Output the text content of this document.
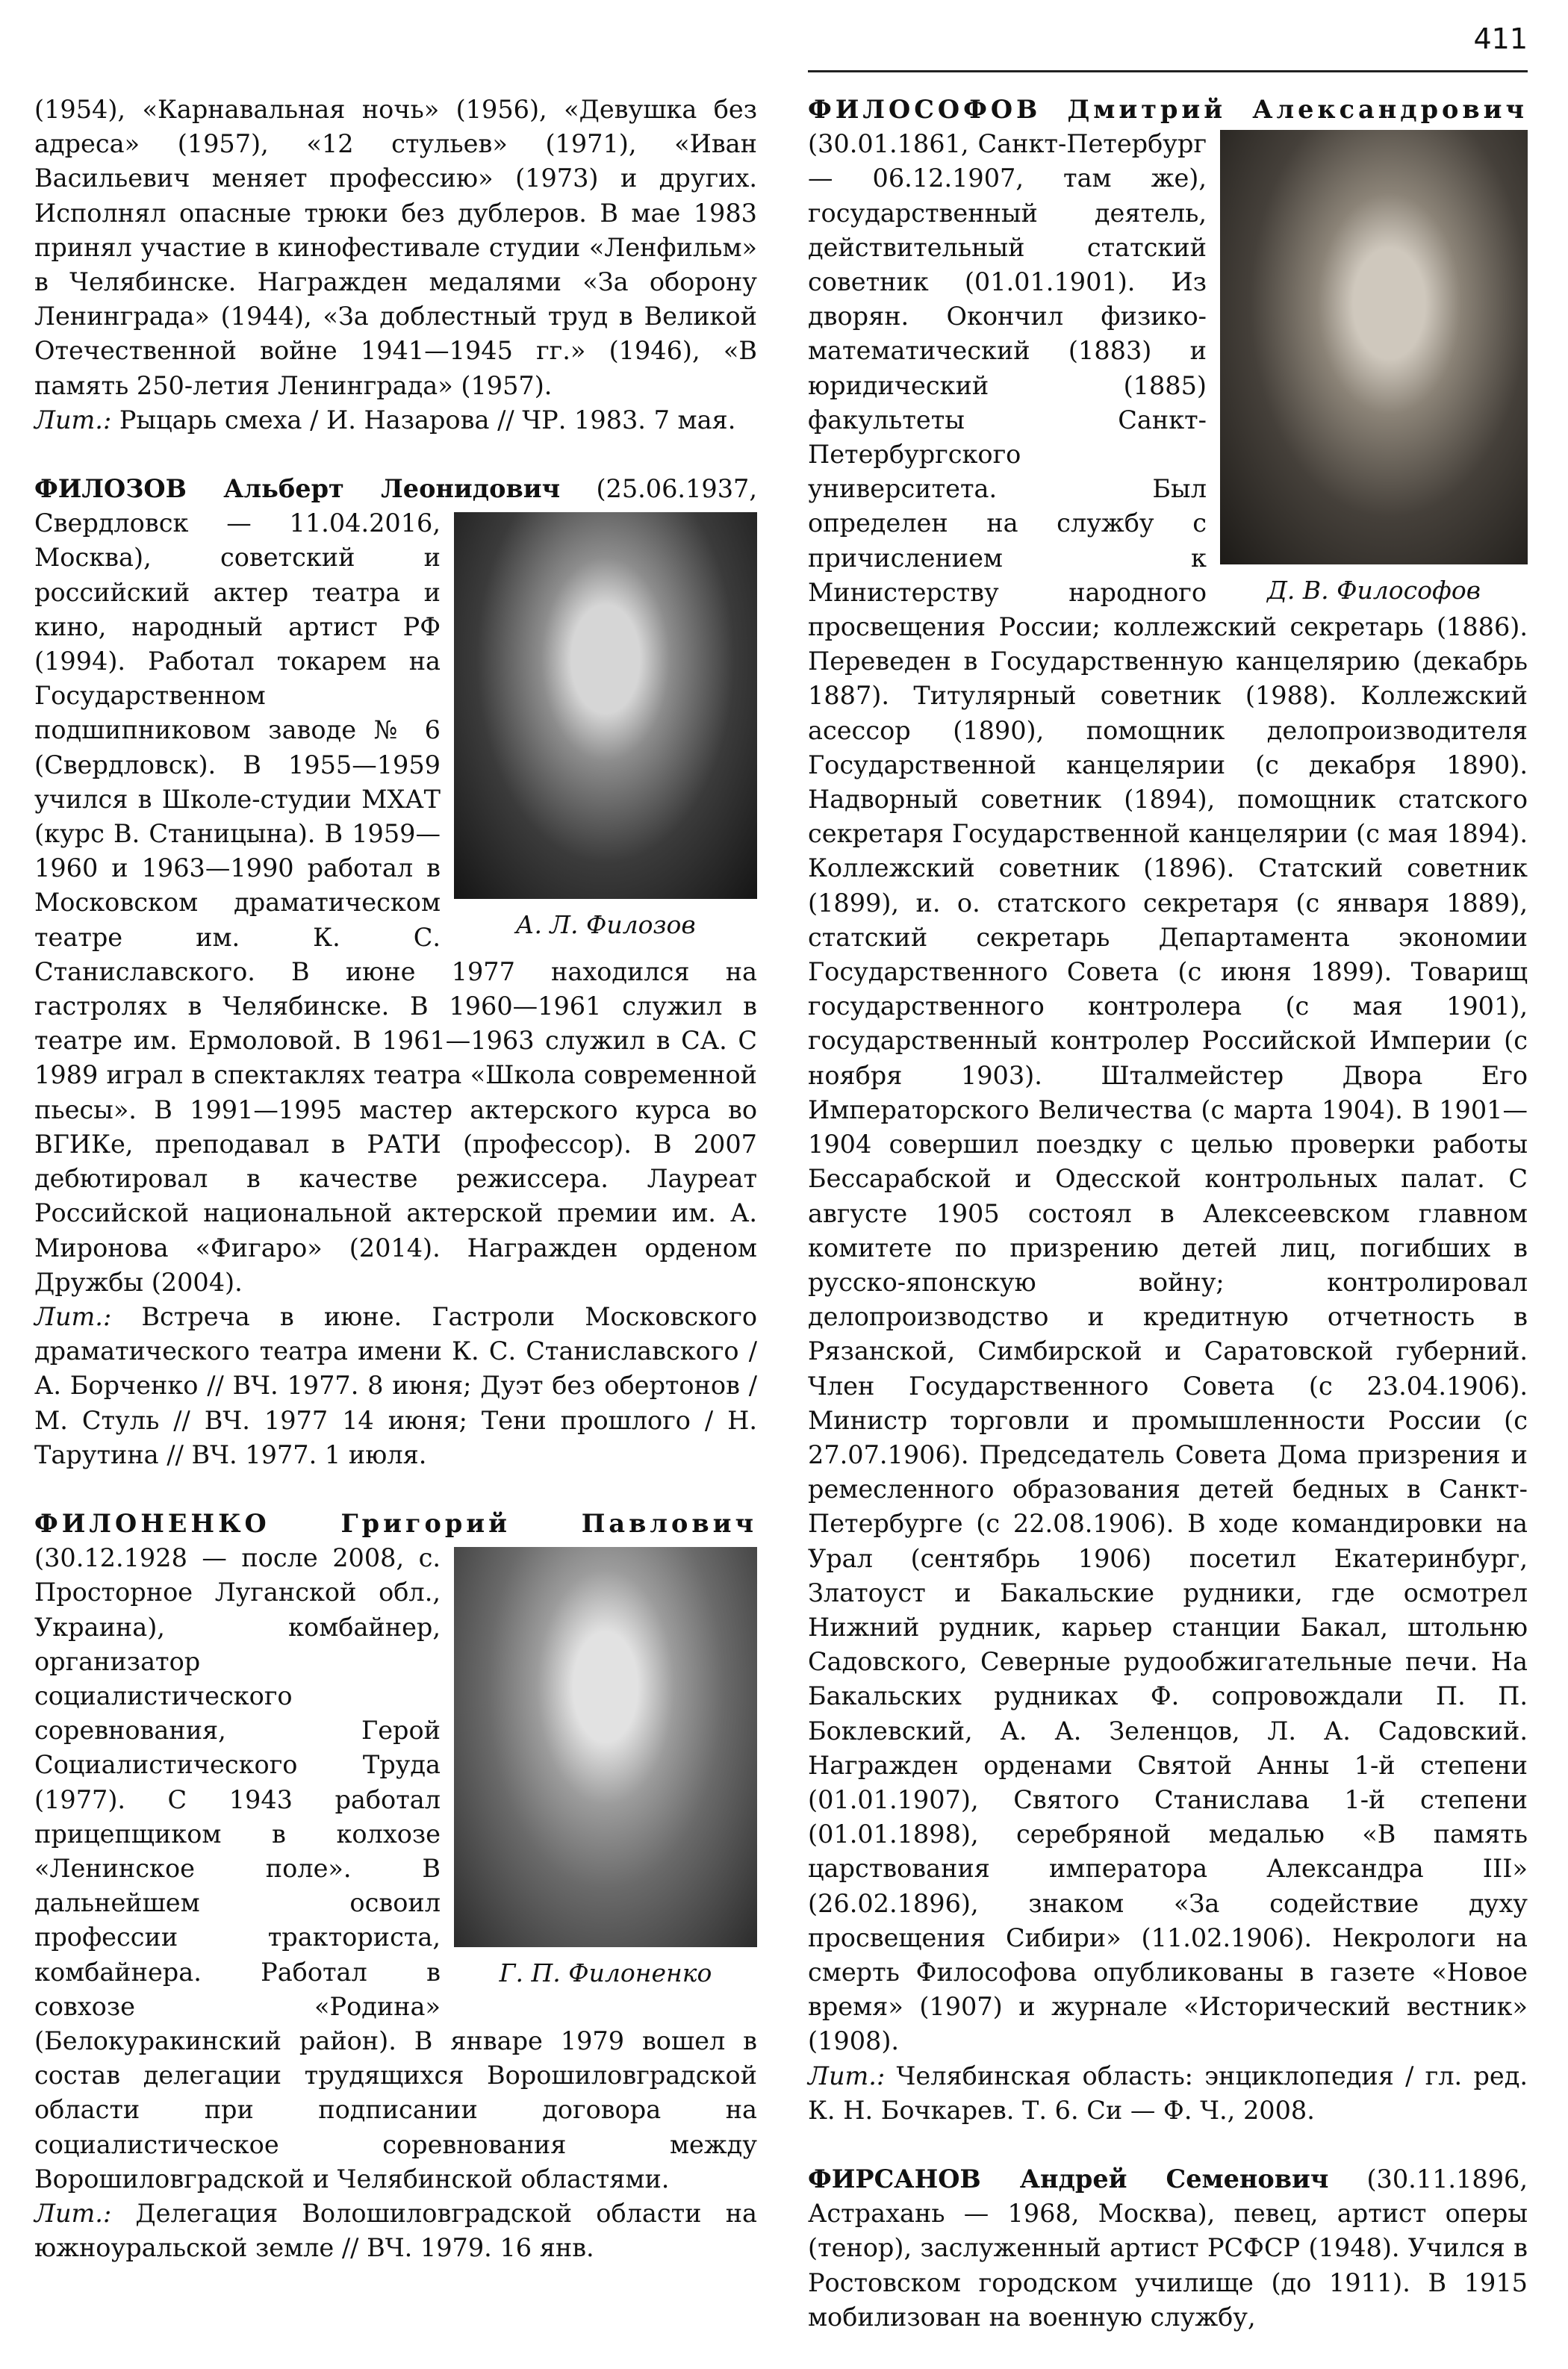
411

(1954), «Карнавальная ночь» (1956), «Девушка без адреса» (1957), «12 стульев» (1971), «Иван Васильевич меняет профессию» (1973) и других. Исполнял опасные трюки без дублеров. В мае 1983 принял участие в кинофестивале студии «Ленфильм» в Челябинске. Награжден медалями «За оборону Ленинграда» (1944), «За доблестный труд в Великой Отечественной войне 1941—1945 гг.» (1946), «В память 250-летия Ленинграда» (1957).

Лит.: Рыцарь смеха / И. Назарова // ЧР. 1983. 7 мая.

ФИЛОЗОВ Альберт Леонидович
А. Л. Филозов
(25.06.1937, Свердловск — 11.04.2016, Москва), советский и российский актер театра и кино, народный артист РФ (1994). Работал токарем на Государственном подшипниковом заводе № 6 (Свердловск). В 1955—1959 учился в Школе-студии МХАТ (курс В. Станицына). В 1959—1960 и 1963—1990 работал в Московском драматическом театре им. К. С. Станиславского. В июне 1977 находился на гастролях в Челябинске. В 1960—1961 служил в театре им. Ермоловой. В 1961—1963 служил в СА. С 1989 играл в спектаклях театра «Школа современной пьесы». В 1991—1995 мастер актерского курса во ВГИКе, преподавал в РАТИ (профессор). В 2007 дебютировал в качестве режиссера. Лауреат Российской национальной актерской премии им. А. Миронова «Фигаро» (2014). Награжден орденом Дружбы (2004).

Лит.: Встреча в июне. Гастроли Московского драматического театра имени К. С. Станиславского / А. Борченко // ВЧ. 1977. 8 июня; Дуэт без обертонов / М. Стуль // ВЧ. 1977 14 июня; Тени прошлого / Н. Тарутина // ВЧ. 1977. 1 июля.

ФИЛОНЕНКО Григорий Павлович
Г. П. Филоненко
(30.12.1928 — после 2008, с. Просторное Луганской обл., Украина), комбайнер, организатор социалистического соревнования, Герой Социалистического Труда (1977). С 1943 работал прицепщиком в колхозе «Ленинское поле». В дальнейшем освоил профессии тракториста, комбайнера. Работал в совхозе «Родина» (Белокуракинский район). В январе 1979 вошел в состав делегации трудящихся Ворошиловградской области при подписании договора на социалистическое соревнования между Ворошиловградской и Челябинской областями.

Лит.: Делегация Волошиловградской области на южноуральской земле // ВЧ. 1979. 16 янв.

ФИЛОСОФОВ Дмитрий Александрович
Д. В. Философов
(30.01.1861, Санкт-Петербург — 06.12.1907, там же), государственный деятель, действительный статский советник (01.01.1901). Из дворян. Окончил физико-математический (1883) и юридический (1885) факультеты Санкт-Петербургского университета. Был определен на службу с причислением к Министерству народного просвещения России; коллежский секретарь (1886). Переведен в Государственную канцелярию (декабрь 1887). Титулярный советник (1988). Коллежский асессор (1890), помощник делопроизводителя Государственной канцелярии (с декабря 1890). Надворный советник (1894), помощник статского секретаря Государственной канцелярии (с мая 1894). Коллежский советник (1896). Статский советник (1899), и. о. статского секретаря (с января 1889), статский секретарь Департамента экономии Государственного Совета (с июня 1899). Товарищ государственного контролера (с мая 1901), государственный контролер Российской Империи (с ноября 1903). Шталмейстер Двора Его Императорского Величества (с марта 1904). В 1901—1904 совершил поездку с целью проверки работы Бессарабской и Одесской контрольных палат. С августе 1905 состоял в Алексеевском главном комитете по призрению детей лиц, погибших в русско-японскую войну; контролировал делопроизводство и кредитную отчетность в Рязанской, Симбирской и Саратовской губерний. Член Государственного Совета (с 23.04.1906). Министр торговли и промышленности России (с 27.07.1906). Председатель Совета Дома призрения и ремесленного образования детей бедных в Санкт-Петербурге (с 22.08.1906). В ходе командировки на Урал (сентябрь 1906) посетил Екатеринбург, Златоуст и Бакальские рудники, где осмотрел Нижний рудник, карьер станции Бакал, штольню Садовского, Северные рудообжигательные печи. На Бакальских рудниках Ф. сопровождали П. П. Боклевский, А. А. Зеленцов, Л. А. Садовский. Награжден орденами Святой Анны 1-й степени (01.01.1907), Святого Станислава 1-й степени (01.01.1898), серебряной медалью «В память царствования императора Александра III» (26.02.1896), знаком «За содействие духу просвещения Сибири» (11.02.1906). Некрологи на смерть Философова опубликованы в газете «Новое время» (1907) и журнале «Исторический вестник» (1908).

Лит.: Челябинская область: энциклопедия / гл. ред. К. Н. Бочкарев. Т. 6. Си — Ф. Ч., 2008.

ФИРСАНОВ Андрей Семенович (30.11.1896, Астрахань — 1968, Москва), певец, артист оперы (тенор), заслуженный артист РСФСР (1948). Учился в Ростовском городском училище (до 1911). В 1915 мобилизован на военную службу,
